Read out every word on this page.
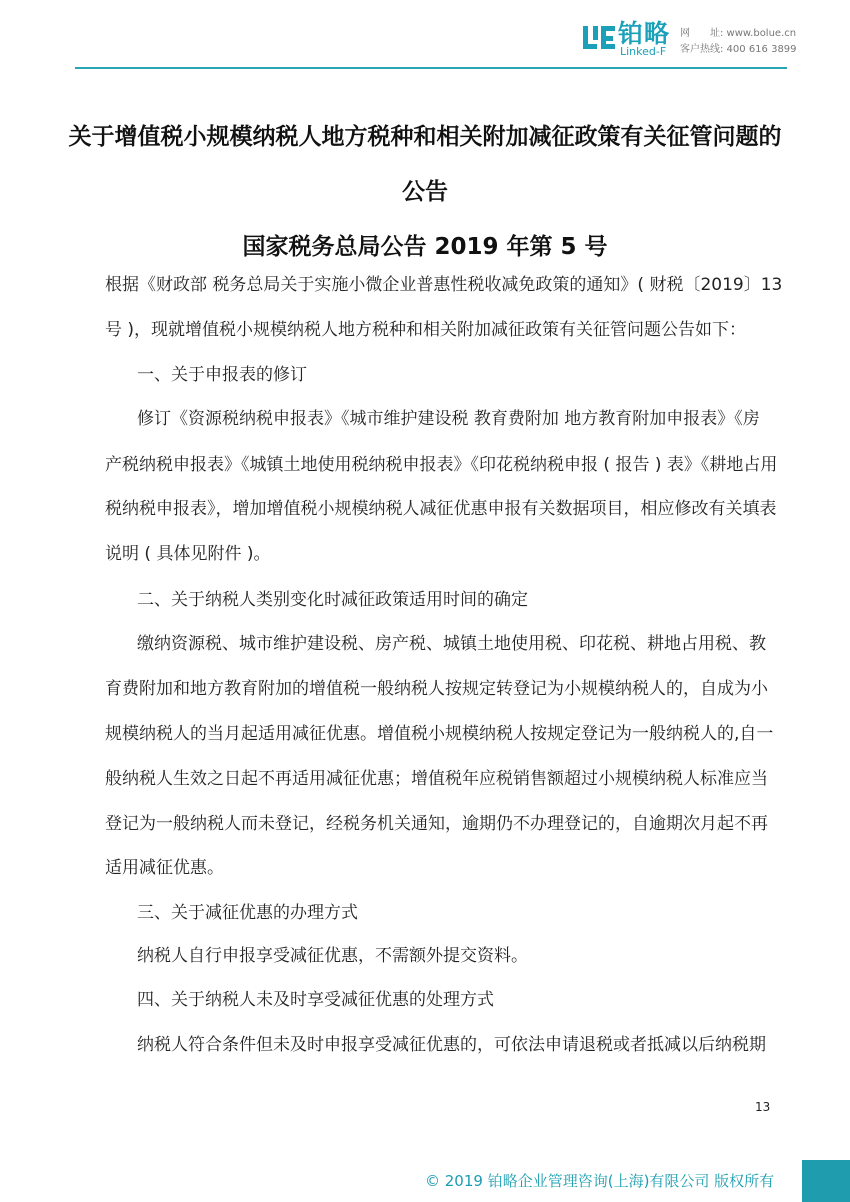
铂略
Linked-F
网　　址: www.bolue.cn
客户热线: 400 616 3899
关于增值税小规模纳税人地方税种和相关附加减征政策有关征管问题的
公告
国家税务总局公告 2019 年第 5 号
根据《财政部 税务总局关于实施小微企业普惠性税收减免政策的通知》( 财税〔2019〕13
号 )，现就增值税小规模纳税人地方税种和相关附加减征政策有关征管问题公告如下：
一、关于申报表的修订
修订《资源税纳税申报表》《城市维护建设税 教育费附加 地方教育附加申报表》《房
产税纳税申报表》《城镇土地使用税纳税申报表》《印花税纳税申报 ( 报告 ) 表》《耕地占用
税纳税申报表》，增加增值税小规模纳税人减征优惠申报有关数据项目，相应修改有关填表
说明 ( 具体见附件 )。
二、关于纳税人类别变化时减征政策适用时间的确定
缴纳资源税、城市维护建设税、房产税、城镇土地使用税、印花税、耕地占用税、教
育费附加和地方教育附加的增值税一般纳税人按规定转登记为小规模纳税人的，自成为小
规模纳税人的当月起适用减征优惠。增值税小规模纳税人按规定登记为一般纳税人的,自一
般纳税人生效之日起不再适用减征优惠；增值税年应税销售额超过小规模纳税人标准应当
登记为一般纳税人而未登记，经税务机关通知，逾期仍不办理登记的，自逾期次月起不再
适用减征优惠。
三、关于减征优惠的办理方式
纳税人自行申报享受减征优惠，不需额外提交资料。
四、关于纳税人未及时享受减征优惠的处理方式
纳税人符合条件但未及时申报享受减征优惠的，可依法申请退税或者抵减以后纳税期
13
© 2019 铂略企业管理咨询(上海)有限公司 版权所有
